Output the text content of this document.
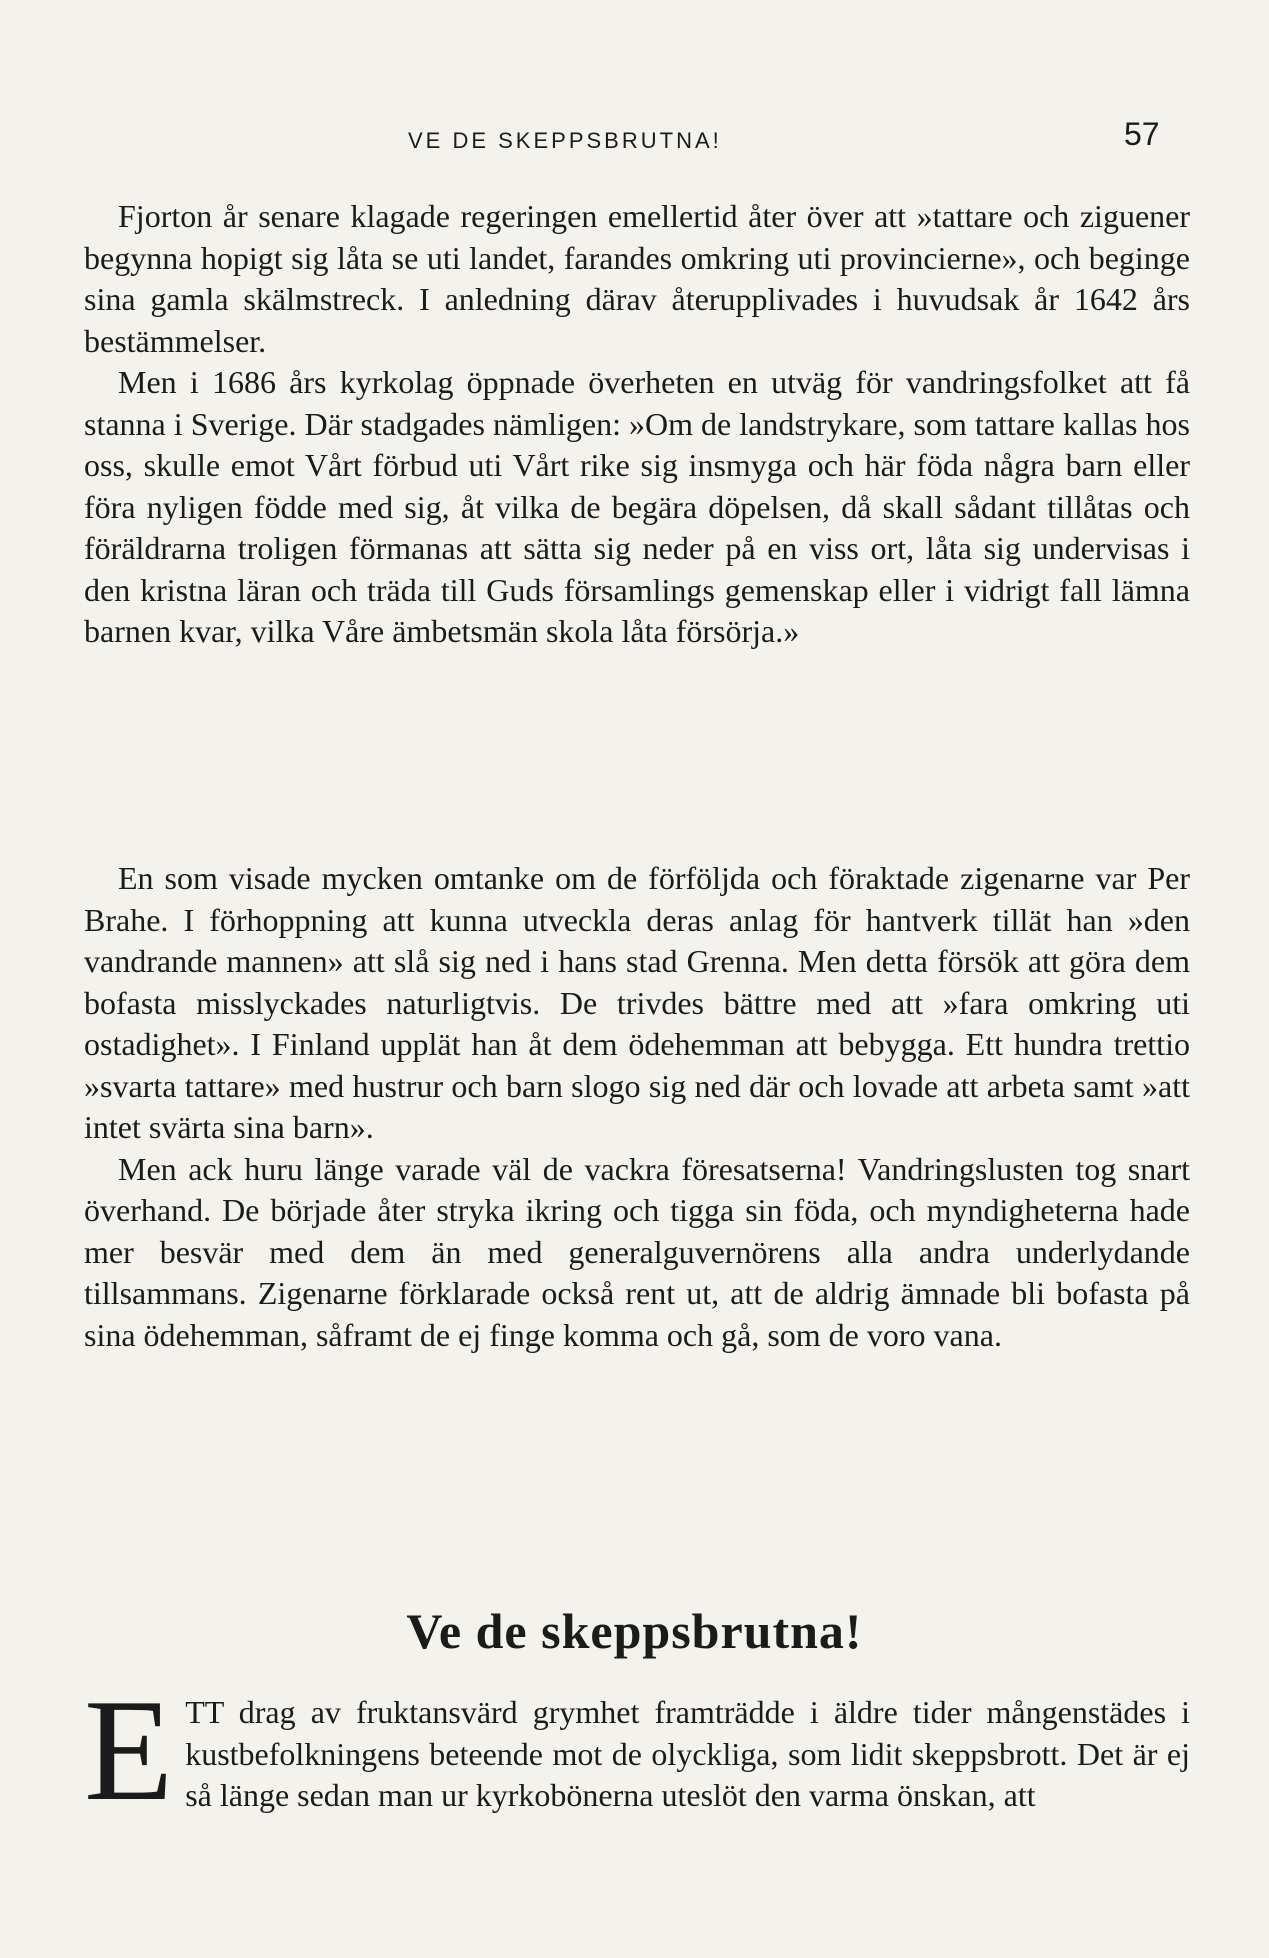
VE DE SKEPPSBRUTNA!	57

Fjorton år senare klagade regeringen emellertid åter över att »tattare och ziguener begynna hopigt sig låta se uti landet, farandes omkring uti provincierne», och beginge sina gamla skälmstreck. I anledning därav återupplivades i huvudsak år 1642 års bestämmelser.

Men i 1686 års kyrkolag öppnade överheten en utväg för vandringsfolket att få stanna i Sverige. Där stadgades nämligen: »Om de landstrykare, som tattare kallas hos oss, skulle emot Vårt förbud uti Vårt rike sig insmyga och här föda några barn eller föra nyligen födde med sig, åt vilka de begära döpelsen, då skall sådant tillåtas och föräldrarna troligen förmanas att sätta sig neder på en viss ort, låta sig undervisas i den kristna läran och träda till Guds församlings gemenskap eller i vidrigt fall lämna barnen kvar, vilka Våre ämbetsmän skola låta försörja.»

En som visade mycken omtanke om de förföljda och föraktade zigenarne var Per Brahe. I förhoppning att kunna utveckla deras anlag för hantverk tillät han »den vandrande mannen» att slå sig ned i hans stad Grenna. Men detta försök att göra dem bofasta misslyckades naturligtvis. De trivdes bättre med att »fara omkring uti ostadighet». I Finland upplät han åt dem ödehemman att bebygga. Ett hundra trettio »svarta tattare» med hustrur och barn slogo sig ned där och lovade att arbeta samt »att intet svärta sina barn».

Men ack huru länge varade väl de vackra föresatserna! Vandringslusten tog snart överhand. De började åter stryka ikring och tigga sin föda, och myndigheterna hade mer besvär med dem än med generalguvernörens alla andra underlydande tillsammans. Zigenarne förklarade också rent ut, att de aldrig ämnade bli bofasta på sina ödehemman, såframt de ej finge komma och gå, som de voro vana.

Ve de skeppsbrutna!
E TT drag av fruktansvärd grymhet framträdde i äldre tider mångenstädes i kustbefolkningens beteende mot de olyckliga, som lidit skeppsbrott. Det är ej så länge sedan man ur kyrkobönerna uteslöt den varma önskan, att
